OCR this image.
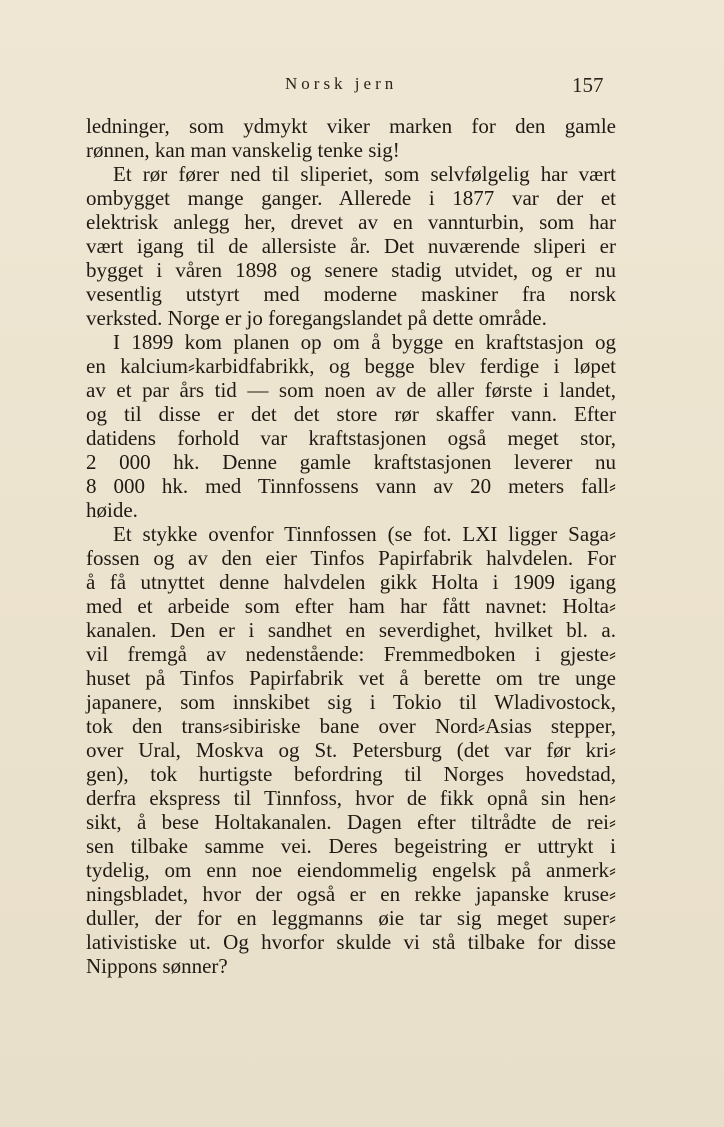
Norsk jern	157
ledninger, som ydmykt viker marken for den gamle
rønnen, kan man vanskelig tenke sig!
Et rør fører ned til sliperiet, som selvfølgelig har vært
ombygget mange ganger. Allerede i 1877 var der et
elektrisk anlegg her, drevet av en vannturbin, som har
vært igang til de allersiste år. Det nuværende sliperi er
bygget i våren 1898 og senere stadig utvidet, og er nu
vesentlig utstyrt med moderne maskiner fra norsk
verksted. Norge er jo foregangslandet på dette område.
I 1899 kom planen op om å bygge en kraftstasjon og
en kalcium⸗karbidfabrikk, og begge blev ferdige i løpet
av et par års tid — som noen av de aller første i landet,
og til disse er det det store rør skaffer vann. Efter
datidens forhold var kraftstasjonen også meget stor,
2 000 hk. Denne gamle kraftstasjonen leverer nu
8 000 hk. med Tinnfossens vann av 20 meters fall⸗
høide.
Et stykke ovenfor Tinnfossen (se fot. LXI ligger Saga⸗
fossen og av den eier Tinfos Papirfabrik halvdelen. For
å få utnyttet denne halvdelen gikk Holta i 1909 igang
med et arbeide som efter ham har fått navnet: Holta⸗
kanalen. Den er i sandhet en severdighet, hvilket bl. a.
vil fremgå av nedenstående: Fremmedboken i gjeste⸗
huset på Tinfos Papirfabrik vet å berette om tre unge
japanere, som innskibet sig i Tokio til Wladivostock,
tok den trans⸗sibiriske bane over Nord⸗Asias stepper,
over Ural, Moskva og St. Petersburg (det var før kri⸗
gen), tok hurtigste befordring til Norges hovedstad,
derfra ekspress til Tinnfoss, hvor de fikk opnå sin hen⸗
sikt, å bese Holtakanalen. Dagen efter tiltrådte de rei⸗
sen tilbake samme vei. Deres begeistring er uttrykt i
tydelig, om enn noe eiendommelig engelsk på anmerk⸗
ningsbladet, hvor der også er en rekke japanske kruse⸗
duller, der for en leggmanns øie tar sig meget super⸗
lativistiske ut. Og hvorfor skulde vi stå tilbake for disse
Nippons sønner?
